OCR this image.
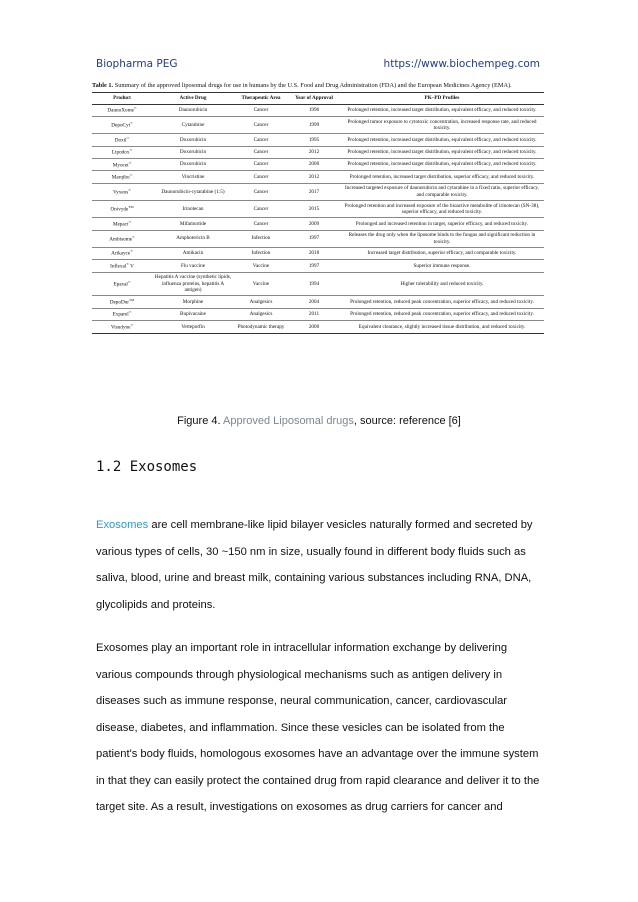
Biopharma PEG	https://www.biochempeg.com
Table 1. Summary of the approved liposomal drugs for use in humans by the U.S. Food and Drug Administration (FDA) and the European Medicines Agency (EMA).
Product	Active Drug	Therapeutic Area	Year of Approval	PK–PD Profiles
DaunoXome®	Daunorubicin	Cancer	1996	Prolonged retention, increased target distribution, equivalent efficacy, and reduced toxicity.
DepoCyt®	Cytarabine	Cancer	1999	Prolonged tumor exposure to cytotoxic concentration, increased response rate, and reduced toxicity.
Doxil®	Doxorubicin	Cancer	1995	Prolonged retention, increased target distribution, equivalent efficacy, and reduced toxicity.
Lipodox®	Doxorubicin	Cancer	2012	Prolonged retention, increased target distribution, equivalent efficacy, and reduced toxicity.
Myocet®	Doxorubicin	Cancer	2000	Prolonged retention, increased target distribution, equivalent efficacy, and reduced toxicity.
Marqibo®	Vincristine	Cancer	2012	Prolonged retention, increased target distribution, superior efficacy, and reduced toxicity.
Vyxeos®	Daunorubicin-cytarabine (1:5)	Cancer	2017	Increased targeted exposure of daunorubicin and cytarabine in a fixed ratio, superior efficacy, and comparable toxicity.
Onivyde™	Irinotecan	Cancer	2015	Prolonged retention and increased exposure of the bioactive metabolite of irinotecan (SN-38), superior efficacy, and reduced toxicity.
Mepact®	Mifamurtide	Cancer	2009	Prolonged and increased retention in target, superior efficacy, and reduced toxicity.
Ambisome®	Amphotericin B	Infection	1997	Releases the drug only when the liposome binds to the fungus and significant reduction in toxicity.
Arikayce®	Amikacin	Infection	2018	Increased target distribution, superior efficacy, and comparable toxicity.
Inflexal® V	Flu vaccine	Vaccine	1997	Superior immune response.
Epaxal®	Hepatitis A vaccine (synthetic lipids, influenza proteins, hepatitis A antigen)	Vaccine	1994	Higher tolerability and reduced toxicity.
DepoDur™	Morphine	Analgesics	2004	Prolonged retention, reduced peak concentration, superior efficacy, and reduced toxicity.
Exparel®	Bupivacaine	Analgesics	2011	Prolonged retention, reduced peak concentration, superior efficacy, and reduced toxicity.
Visudyne®	Verteporfin	Photodynamic therapy	2000	Equivalent clearance, slightly increased tissue distribution, and reduced toxicity.
Figure 4. Approved Liposomal drugs, source: reference [6]
1.2 Exosomes

Exosomes are cell membrane-like lipid bilayer vesicles naturally formed and secreted by various types of cells, 30 ~150 nm in size, usually found in different body fluids such as saliva, blood, urine and breast milk, containing various substances including RNA, DNA, glycolipids and proteins.

Exosomes play an important role in intracellular information exchange by delivering various compounds through physiological mechanisms such as antigen delivery in diseases such as immune response, neural communication, cancer, cardiovascular disease, diabetes, and inflammation. Since these vesicles can be isolated from the patient's body fluids, homologous exosomes have an advantage over the immune system in that they can easily protect the contained drug from rapid clearance and deliver it to the target site. As a result, investigations on exosomes as drug carriers for cancer and
